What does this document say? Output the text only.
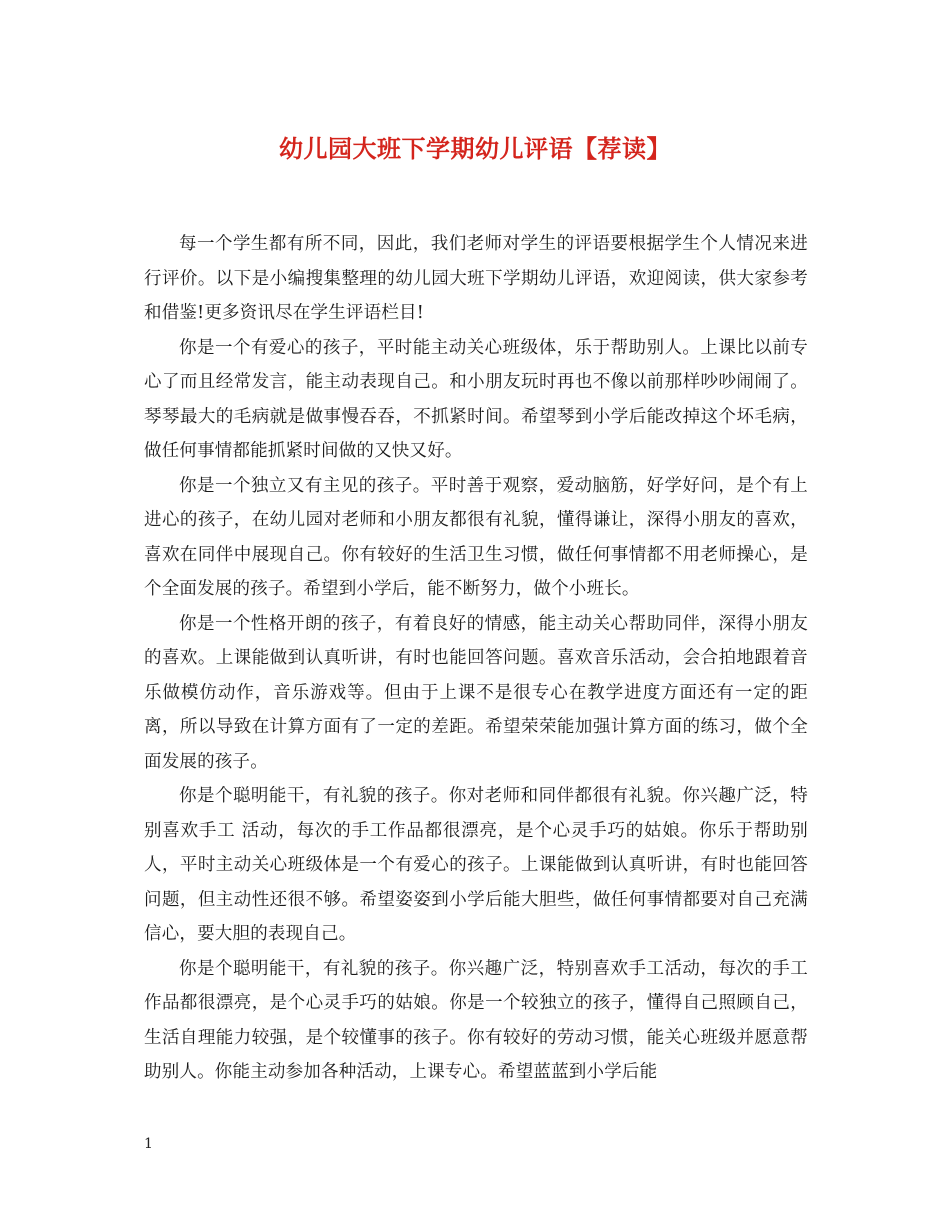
幼儿园大班下学期幼儿评语【荐读】

每一个学生都有所不同，因此，我们老师对学生的评语要根据学生个人情况来进行评价。以下是小编搜集整理的幼儿园大班下学期幼儿评语，欢迎阅读，供大家参考和借鉴!更多资讯尽在学生评语栏目!

你是一个有爱心的孩子，平时能主动关心班级体，乐于帮助别人。上课比以前专心了而且经常发言，能主动表现自己。和小朋友玩时再也不像以前那样吵吵闹闹了。琴琴最大的毛病就是做事慢吞吞，不抓紧时间。希望琴到小学后能改掉这个坏毛病，做任何事情都能抓紧时间做的又快又好。

你是一个独立又有主见的孩子。平时善于观察，爱动脑筋，好学好问，是个有上进心的孩子，在幼儿园对老师和小朋友都很有礼貌，懂得谦让，深得小朋友的喜欢，喜欢在同伴中展现自己。你有较好的生活卫生习惯，做任何事情都不用老师操心，是个全面发展的孩子。希望到小学后，能不断努力，做个小班长。

你是一个性格开朗的孩子，有着良好的情感，能主动关心帮助同伴，深得小朋友的喜欢。上课能做到认真听讲，有时也能回答问题。喜欢音乐活动，会合拍地跟着音乐做模仿动作，音乐游戏等。但由于上课不是很专心在教学进度方面还有一定的距离，所以导致在计算方面有了一定的差距。希望荣荣能加强计算方面的练习，做个全面发展的孩子。

你是个聪明能干，有礼貌的孩子。你对老师和同伴都很有礼貌。你兴趣广泛，特别喜欢手工 活动，每次的手工作品都很漂亮，是个心灵手巧的姑娘。你乐于帮助别人，平时主动关心班级体是一个有爱心的孩子。上课能做到认真听讲，有时也能回答问题，但主动性还很不够。希望姿姿到小学后能大胆些，做任何事情都要对自己充满信心，要大胆的表现自己。

你是个聪明能干，有礼貌的孩子。你兴趣广泛，特别喜欢手工活动，每次的手工作品都很漂亮，是个心灵手巧的姑娘。你是一个较独立的孩子，懂得自己照顾自己，生活自理能力较强，是个较懂事的孩子。你有较好的劳动习惯，能关心班级并愿意帮助别人。你能主动参加各种活动，上课专心。希望蓝蓝到小学后能

1
